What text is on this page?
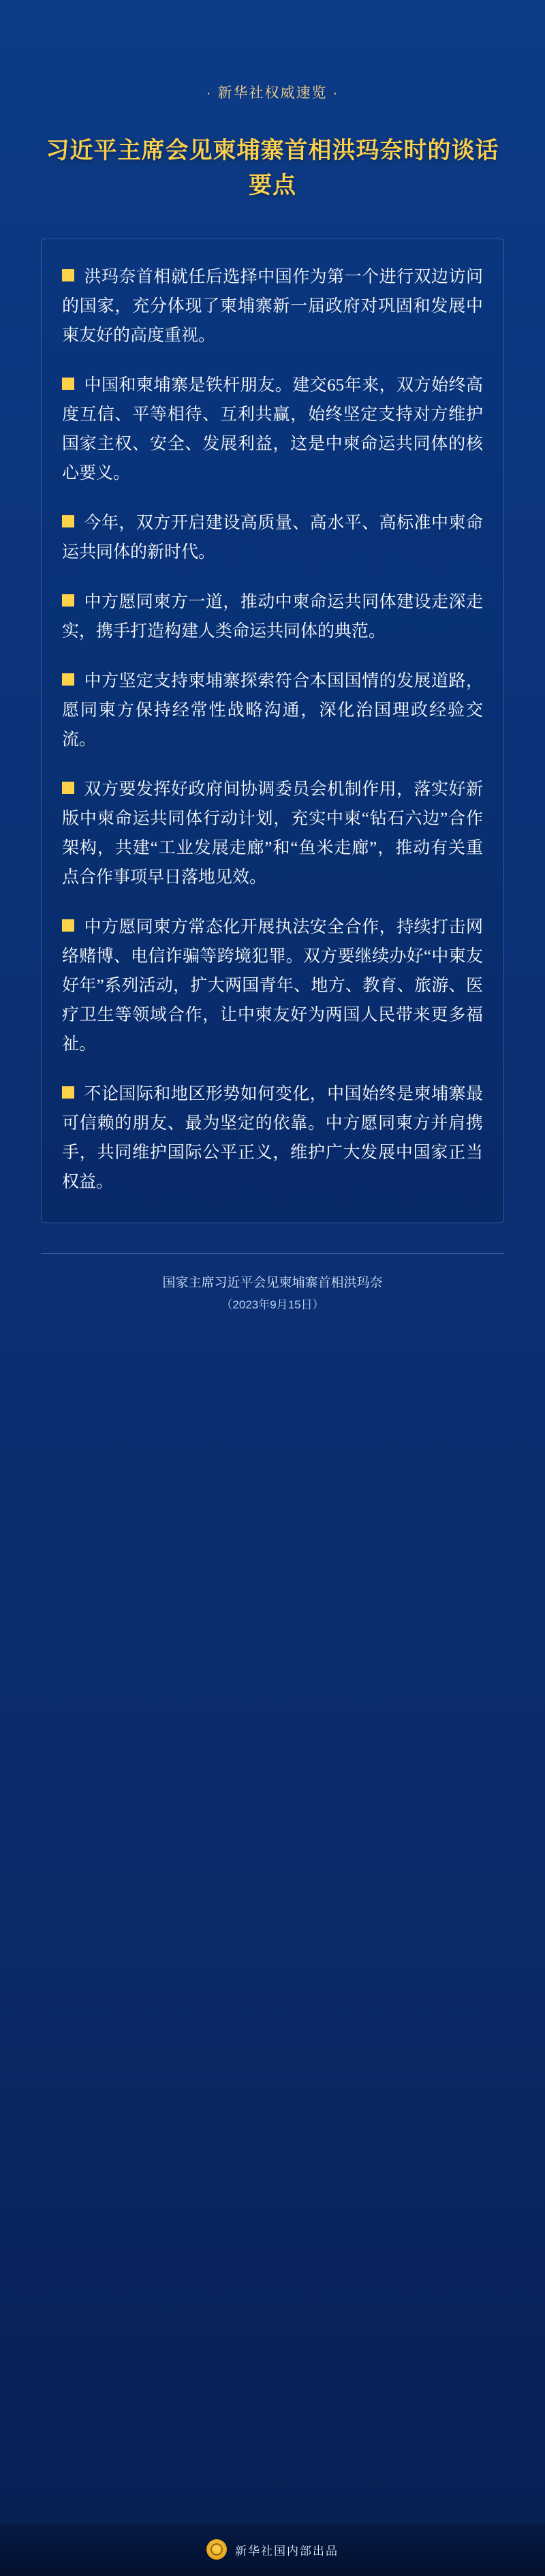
· 新华社权威速览 ·
习近平主席会见柬埔寨首相洪玛奈时的谈话要点

洪玛奈首相就任后选择中国作为第一个进行双边访问的国家，充分体现了柬埔寨新一届政府对巩固和发展中柬友好的高度重视。

中国和柬埔寨是铁杆朋友。建交65年来，双方始终高度互信、平等相待、互利共赢，始终坚定支持对方维护国家主权、安全、发展利益，这是中柬命运共同体的核心要义。

今年，双方开启建设高质量、高水平、高标准中柬命运共同体的新时代。

中方愿同柬方一道，推动中柬命运共同体建设走深走实，携手打造构建人类命运共同体的典范。

中方坚定支持柬埔寨探索符合本国国情的发展道路，愿同柬方保持经常性战略沟通，深化治国理政经验交流。

双方要发挥好政府间协调委员会机制作用，落实好新版中柬命运共同体行动计划，充实中柬“钻石六边”合作架构，共建“工业发展走廊”和“鱼米走廊”，推动有关重点合作事项早日落地见效。

中方愿同柬方常态化开展执法安全合作，持续打击网络赌博、电信诈骗等跨境犯罪。双方要继续办好“中柬友好年”系列活动，扩大两国青年、地方、教育、旅游、医疗卫生等领域合作，让中柬友好为两国人民带来更多福祉。

不论国际和地区形势如何变化，中国始终是柬埔寨最可信赖的朋友、最为坚定的依靠。中方愿同柬方并肩携手，共同维护国际公平正义，维护广大发展中国家正当权益。

国家主席习近平会见柬埔寨首相洪玛奈
（2023年9月15日）
新华社国内部出品
